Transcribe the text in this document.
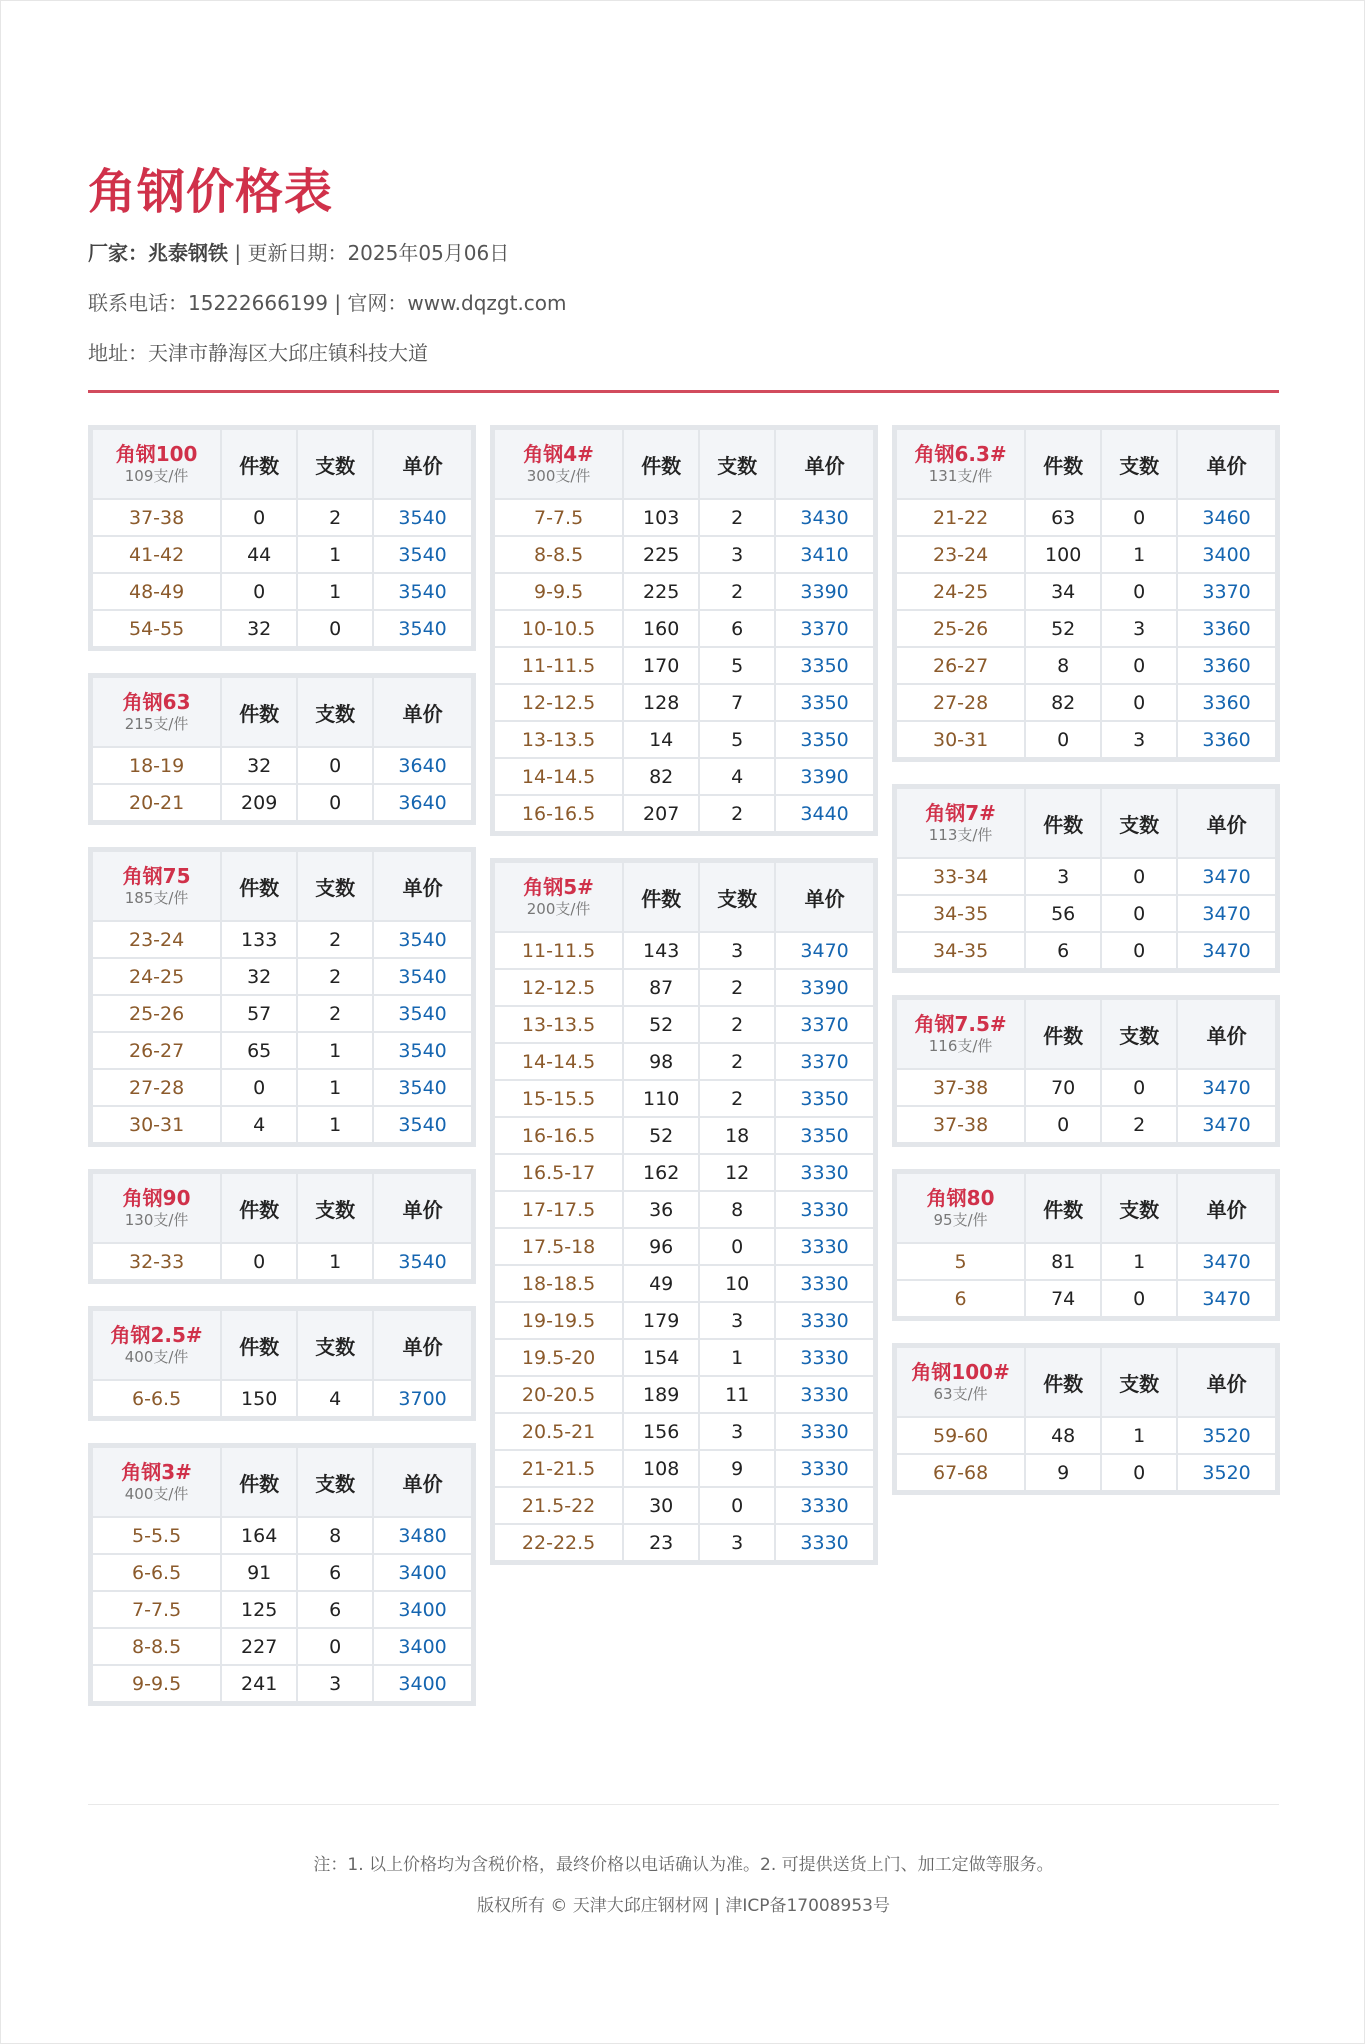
角钢价格表
厂家：兆泰钢铁 | 更新日期：2025年05月06日
联系电话：15222666199 | 官网：www.dqzgt.com
地址：天津市静海区大邱庄镇科技大道
角钢100
109支/件	件数	支数	单价
37-38	0	2	3540
41-42	44	1	3540
48-49	0	1	3540
54-55	32	0	3540
角钢63
215支/件	件数	支数	单价
18-19	32	0	3640
20-21	209	0	3640
角钢75
185支/件	件数	支数	单价
23-24	133	2	3540
24-25	32	2	3540
25-26	57	2	3540
26-27	65	1	3540
27-28	0	1	3540
30-31	4	1	3540
角钢90
130支/件	件数	支数	单价
32-33	0	1	3540
角钢2.5#
400支/件	件数	支数	单价
6-6.5	150	4	3700
角钢3#
400支/件	件数	支数	单价
5-5.5	164	8	3480
6-6.5	91	6	3400
7-7.5	125	6	3400
8-8.5	227	0	3400
9-9.5	241	3	3400
角钢4#
300支/件	件数	支数	单价
7-7.5	103	2	3430
8-8.5	225	3	3410
9-9.5	225	2	3390
10-10.5	160	6	3370
11-11.5	170	5	3350
12-12.5	128	7	3350
13-13.5	14	5	3350
14-14.5	82	4	3390
16-16.5	207	2	3440
角钢5#
200支/件	件数	支数	单价
11-11.5	143	3	3470
12-12.5	87	2	3390
13-13.5	52	2	3370
14-14.5	98	2	3370
15-15.5	110	2	3350
16-16.5	52	18	3350
16.5-17	162	12	3330
17-17.5	36	8	3330
17.5-18	96	0	3330
18-18.5	49	10	3330
19-19.5	179	3	3330
19.5-20	154	1	3330
20-20.5	189	11	3330
20.5-21	156	3	3330
21-21.5	108	9	3330
21.5-22	30	0	3330
22-22.5	23	3	3330
角钢6.3#
131支/件	件数	支数	单价
21-22	63	0	3460
23-24	100	1	3400
24-25	34	0	3370
25-26	52	3	3360
26-27	8	0	3360
27-28	82	0	3360
30-31	0	3	3360
角钢7#
113支/件	件数	支数	单价
33-34	3	0	3470
34-35	56	0	3470
34-35	6	0	3470
角钢7.5#
116支/件	件数	支数	单价
37-38	70	0	3470
37-38	0	2	3470
角钢80
95支/件	件数	支数	单价
5	81	1	3470
6	74	0	3470
角钢100#
63支/件	件数	支数	单价
59-60	48	1	3520
67-68	9	0	3520
注：1. 以上价格均为含税价格，最终价格以电话确认为准。2. 可提供送货上门、加工定做等服务。
版权所有 © 天津大邱庄钢材网 | 津ICP备17008953号
